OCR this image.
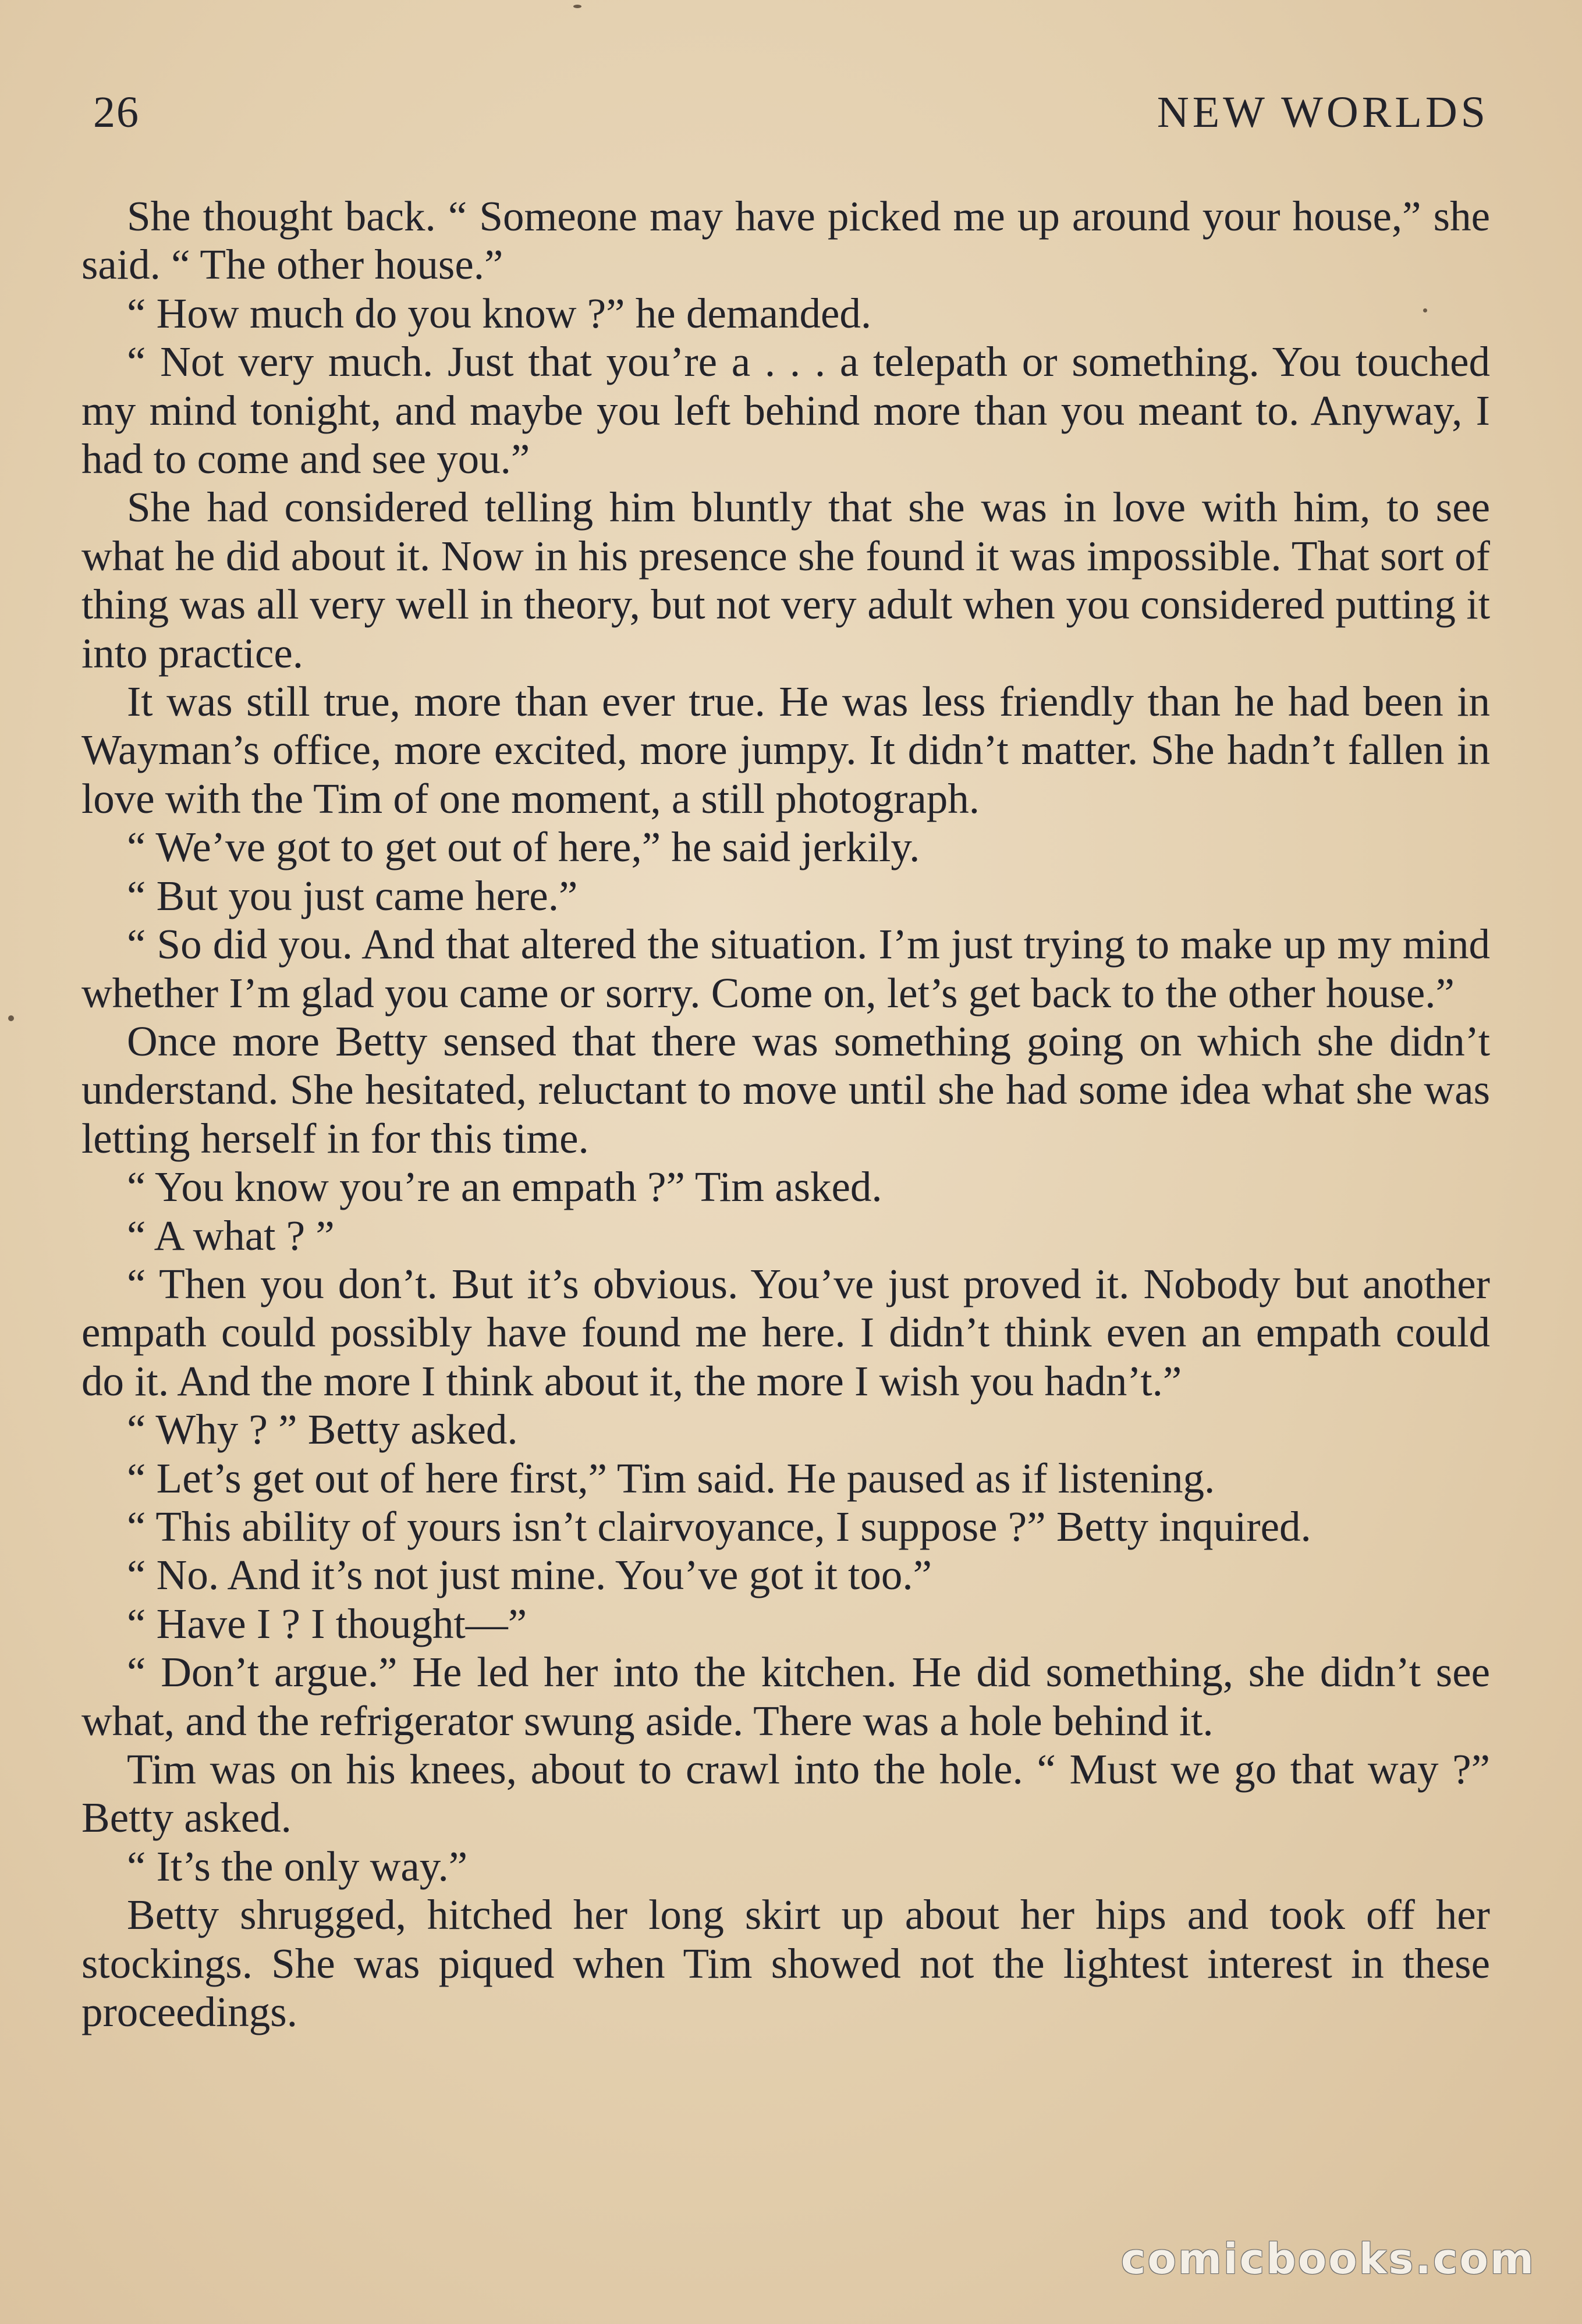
26	NEW WORLDS

She thought back. “ Someone may have picked me up around your house,” she said. “ The other house.”

“ How much do you know ?” he demanded.

“ Not very much. Just that you’re a . . . a telepath or something. You touched my mind tonight, and maybe you left behind more than you meant to. Anyway, I had to come and see you.”

She had considered telling him bluntly that she was in love with him, to see what he did about it. Now in his presence she found it was impossible. That sort of thing was all very well in theory, but not very adult when you considered putting it into practice.

It was still true, more than ever true. He was less friendly than he had been in Wayman’s office, more excited, more jumpy. It didn’t matter. She hadn’t fallen in love with the Tim of one moment, a still photograph.

“ We’ve got to get out of here,” he said jerkily.

“ But you just came here.”

“ So did you. And that altered the situation. I’m just trying to make up my mind whether I’m glad you came or sorry. Come on, let’s get back to the other house.”

Once more Betty sensed that there was something going on which she didn’t understand. She hesitated, reluctant to move until she had some idea what she was letting herself in for this time.

“ You know you’re an empath ?” Tim asked.

“ A what ? ”

“ Then you don’t. But it’s obvious. You’ve just proved it. Nobody but another empath could possibly have found me here. I didn’t think even an empath could do it. And the more I think about it, the more I wish you hadn’t.”

“ Why ? ” Betty asked.

“ Let’s get out of here first,” Tim said. He paused as if listening.

“ This ability of yours isn’t clairvoyance, I suppose ?” Betty inquired.

“ No. And it’s not just mine. You’ve got it too.”

“ Have I ? I thought—”

“ Don’t argue.” He led her into the kitchen. He did something, she didn’t see what, and the refrigerator swung aside. There was a hole behind it.

Tim was on his knees, about to crawl into the hole. “ Must we go that way ?” Betty asked.

“ It’s the only way.”

Betty shrugged, hitched her long skirt up about her hips and took off her stockings. She was piqued when Tim showed not the lightest interest in these proceedings.

comicbooks.com
